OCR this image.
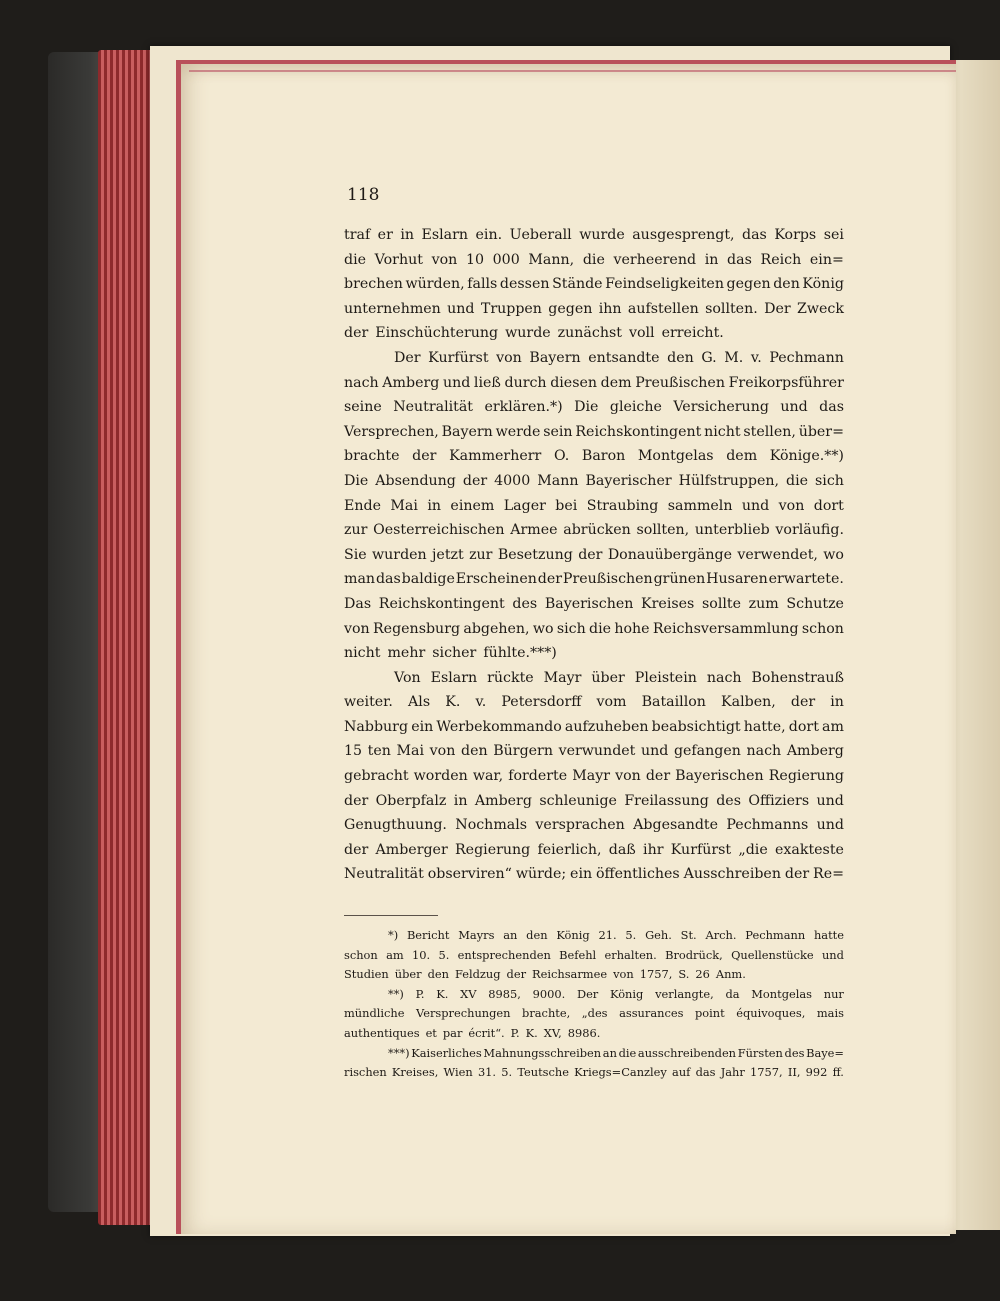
118
traf er in Eslarn ein. Ueberall wurde ausgesprengt, das Korps sei
die Vorhut von 10 000 Mann, die verheerend in das Reich ein=
brechen würden, falls dessen Stände Feindseligkeiten gegen den König
unternehmen und Truppen gegen ihn aufstellen sollten. Der Zweck
der Einschüchterung wurde zunächst voll erreicht.
Der Kurfürst von Bayern entsandte den G. M. v. Pechmann
nach Amberg und ließ durch diesen dem Preußischen Freikorpsführer
seine Neutralität erklären.*) Die gleiche Versicherung und das
Versprechen, Bayern werde sein Reichskontingent nicht stellen, über=
brachte der Kammerherr O. Baron Montgelas dem Könige.**)
Die Absendung der 4000 Mann Bayerischer Hülfstruppen, die sich
Ende Mai in einem Lager bei Straubing sammeln und von dort
zur Oesterreichischen Armee abrücken sollten, unterblieb vorläufig.
Sie wurden jetzt zur Besetzung der Donauübergänge verwendet, wo
man das baldige Erscheinen der Preußischen grünen Husaren erwartete.
Das Reichskontingent des Bayerischen Kreises sollte zum Schutze
von Regensburg abgehen, wo sich die hohe Reichsversammlung schon
nicht mehr sicher fühlte.***)
Von Eslarn rückte Mayr über Pleistein nach Bohenstrauß
weiter. Als K. v. Petersdorff vom Bataillon Kalben, der in
Nabburg ein Werbekommando aufzuheben beabsichtigt hatte, dort am
15 ten Mai von den Bürgern verwundet und gefangen nach Amberg
gebracht worden war, forderte Mayr von der Bayerischen Regierung
der Oberpfalz in Amberg schleunige Freilassung des Offiziers und
Genugthuung. Nochmals versprachen Abgesandte Pechmanns und
der Amberger Regierung feierlich, daß ihr Kurfürst „die exakteste
Neutralität observiren“ würde; ein öffentliches Ausschreiben der Re=
*) Bericht Mayrs an den König 21. 5. Geh. St. Arch. Pechmann hatte
schon am 10. 5. entsprechenden Befehl erhalten. Brodrück, Quellenstücke und
Studien über den Feldzug der Reichsarmee von 1757, S. 26 Anm.
**) P. K. XV 8985, 9000. Der König verlangte, da Montgelas nur
mündliche Versprechungen brachte, „des assurances point équivoques, mais
authentiques et par écrit“. P. K. XV, 8986.
***) Kaiserliches Mahnungsschreiben an die ausschreibenden Fürsten des Baye=
rischen Kreises, Wien 31. 5. Teutsche Kriegs=Canzley auf das Jahr 1757, II, 992 ff.
